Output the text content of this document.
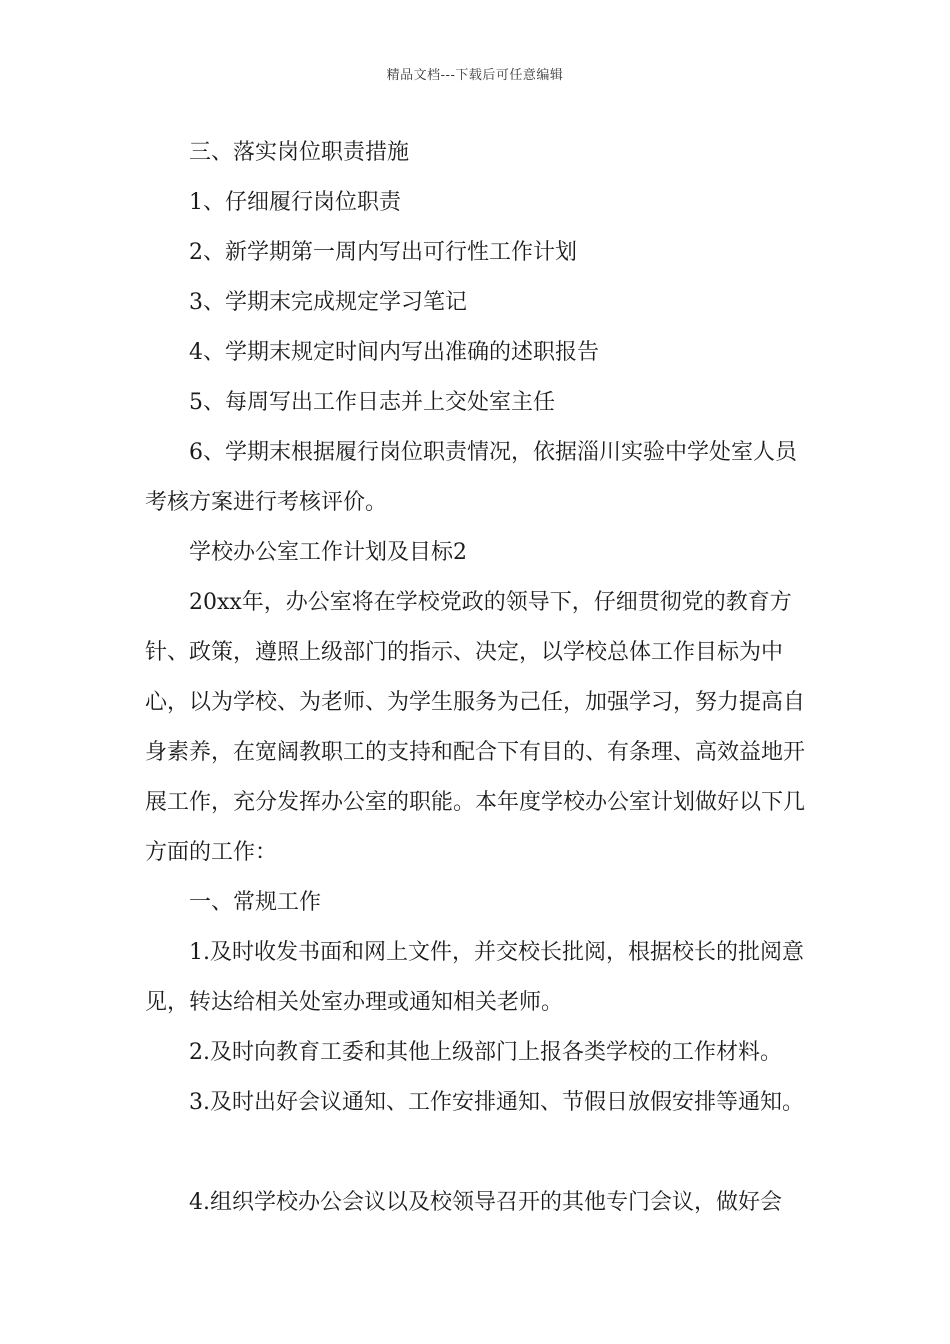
精品文档---下载后可任意编辑

三、落实岗位职责措施

1、仔细履行岗位职责

2、新学期第一周内写出可行性工作计划

3、学期末完成规定学习笔记

4、学期末规定时间内写出准确的述职报告

5、每周写出工作日志并上交处室主任

6、学期末根据履行岗位职责情况，依据淄川实验中学处室人员考核方案进行考核评价。

学校办公室工作计划及目标2

20xx年，办公室将在学校党政的领导下，仔细贯彻党的教育方针、政策，遵照上级部门的指示、决定，以学校总体工作目标为中心，以为学校、为老师、为学生服务为己任，加强学习，努力提高自身素养，在宽阔教职工的支持和配合下有目的、有条理、高效益地开展工作，充分发挥办公室的职能。本年度学校办公室计划做好以下几方面的工作：

一、常规工作

1.及时收发书面和网上文件，并交校长批阅，根据校长的批阅意见，转达给相关处室办理或通知相关老师。

2.及时向教育工委和其他上级部门上报各类学校的工作材料。

3.及时出好会议通知、工作安排通知、节假日放假安排等通知。

4.组织学校办公会议以及校领导召开的其他专门会议，做好会
